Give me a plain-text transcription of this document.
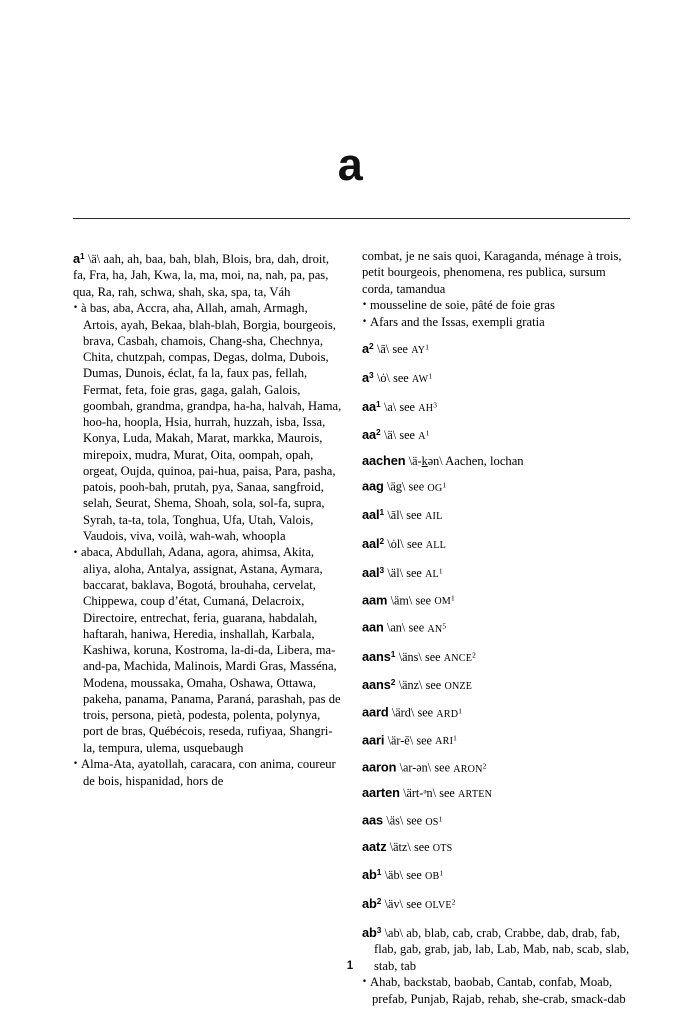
a

$a^1$ \ä\ aah, ah, baa, bah, blah, Blois, bra, dah, droit, fa, Fra, ha, Jah, Kwa, la, ma, moi, na, nah, pa, pas, qua, Ra, rah, schwa, shah, ska, spa, ta, Váh

• à bas, aba, Accra, aha, Allah, amah, Armagh, Artois, ayah, Bekaa, blah-blah, Borgia, bourgeois, brava, Casbah, chamois, Chang-sha, Chechnya, Chita, chutzpah, compas, Degas, dolma, Dubois, Dumas, Dunois, éclat, fa la, faux pas, fellah, Fermat, feta, foie gras, gaga, galah, Galois, goombah, grandma, grandpa, ha-ha, halvah, Hama, hoo-ha, hoopla, Hsia, hurrah, huzzah, isba, Issa, Konya, Luda, Makah, Marat, markka, Maurois, mirepoix, mudra, Murat, Oita, oompah, opah, orgeat, Oujda, quinoa, pai-hua, paisa, Para, pasha, patois, pooh-bah, prutah, pya, Sanaa, sangfroid, selah, Seurat, Shema, Shoah, sola, sol-fa, supra, Syrah, ta-ta, tola, Tonghua, Ufa, Utah, Valois, Vaudois, viva, voilà, wah-wah, whoopla

• abaca, Abdullah, Adana, agora, ahimsa, Akita, aliya, aloha, Antalya, assignat, Astana, Aymara, baccarat, baklava, Bogotá, brouhaha, cervelat, Chippewa, coup d’état, Cumaná, Delacroix, Directoire, entrechat, feria, guarana, habdalah, haftarah, haniwa, Heredia, inshallah, Karbala, Kashiwa, koruna, Kostroma, la-di-da, Libera, ma-and-pa, Machida, Malinois, Mardi Gras, Masséna, Modena, moussaka, Omaha, Oshawa, Ottawa, pakeha, panama, Panama, Paraná, parashah, pas de trois, persona, pietà, podesta, polenta, polynya, port de bras, Québécois, reseda, rufiyaa, Shangri-la, tempura, ulema, usquebaugh

• Alma-Ata, ayatollah, caracara, con anima, coureur de bois, hispanidad, hors de

combat, je ne sais quoi, Karaganda, ménage à trois, petit bourgeois, phenomena, res publica, sursum corda, tamandua

• mousseline de soie, pâté de foie gras

• Afars and the Issas, exempli gratia

$a^2$ \ā\ see $AY^1$

$a^3$ \ȯ\ see $AW^1$

$aa^1$ \a\ see $AH^3$

$aa^2$ \ä\ see $A^1$

aachen \ä-kən\ Aachen, lochan

aag \äg\ see $OG^1$

aal$^1$ \āl\ see AIL

aal$^2$ \ȯl\ see ALL

aal$^3$ \äl\ see $AL^1$

aam \äm\ see $OM^1$

aan \an\ see $AN^5$

aans$^1$ \äns\ see ANCE$^2$

aans$^2$ \änz\ see ONZE

aard \ärd\ see ARD$^1$

aari \är-ē\ see ARI$^1$

aaron \ar-ən\ see ARON$^2$

aarten \ärt-ᵊn\ see ARTEN

aas \äs\ see $OS^1$

aatz \ätz\ see OTS

$ab^1$ \äb\ see $OB^1$

$ab^2$ \äv\ see OLVE$^2$

$ab^3$ \ab\ ab, blab, cab, crab, Crabbe, dab, drab, fab, flab, gab, grab, jab, lab, Lab, Mab, nab, scab, slab, stab, tab

• Ahab, backstab, baobab, Cantab, confab, Moab, prefab, Punjab, Rajab, rehab, she-crab, smack-dab

1
